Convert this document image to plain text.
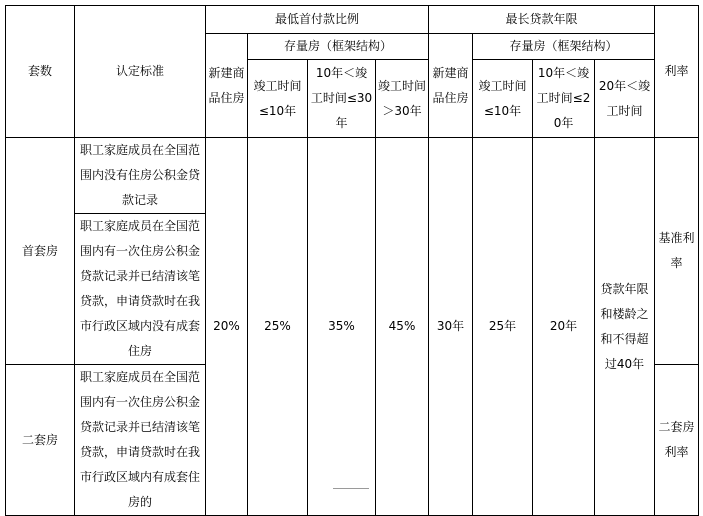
套数	认定标准	最低首付款比例				最长贷款年限				利率
		新建商品住房	存量房（框架结构）			新建商品住房	存量房（框架结构）			
			竣工时间≤10年	10年＜竣工时间≤30年	竣工时间＞30年		竣工时间≤10年	10年＜竣工时间≤20年	20年＜竣工时间	
首套房	职工家庭成员在全国范围内没有住房公积金贷款记录	20%	25%	35%	45%	30年	25年	20年	贷款年限和楼龄之和不得超过40年	基准利率
	职工家庭成员在全国范围内有一次住房公积金贷款记录并已结清该笔贷款，申请贷款时在我市行政区域内没有成套住房									
二套房	职工家庭成员在全国范围内有一次住房公积金贷款记录并已结清该笔贷款，申请贷款时在我市行政区域内有成套住房的									二套房利率
